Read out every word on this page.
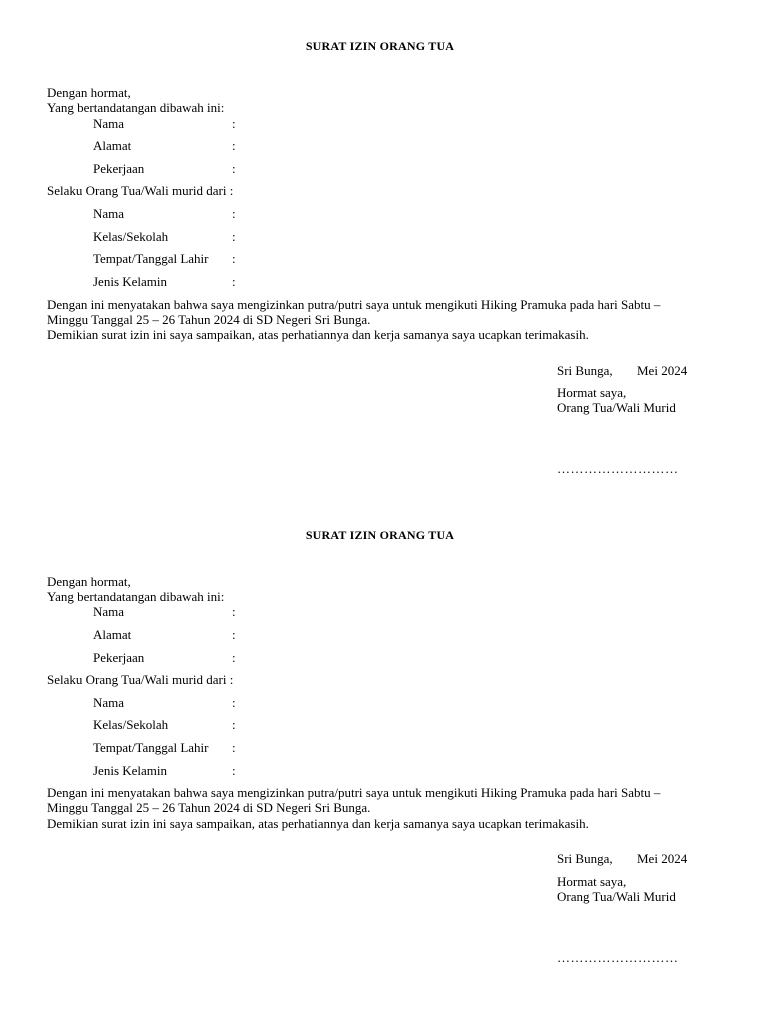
SURAT IZIN ORANG TUA
Dengan hormat,
Yang bertandatangan dibawah ini:
Nama	:
Alamat	:
Pekerjaan	:
Selaku Orang Tua/Wali murid dari :
Nama	:
Kelas/Sekolah	:
Tempat/Tanggal Lahir :
Jenis Kelamin	:
Dengan ini menyatakan bahwa saya mengizinkan putra/putri saya untuk mengikuti Hiking Pramuka pada hari Sabtu –
Minggu Tanggal 25 – 26 Tahun 2024 di SD Negeri Sri Bunga.
Demikian surat izin ini saya sampaikan, atas perhatiannya dan kerja samanya saya ucapkan terimakasih.
Sri Bunga, Mei 2024
Hormat saya,
Orang Tua/Wali Murid
………………………
SURAT IZIN ORANG TUA
Dengan hormat,
Yang bertandatangan dibawah ini:
Nama	:
Alamat	:
Pekerjaan	:
Selaku Orang Tua/Wali murid dari :
Nama	:
Kelas/Sekolah	:
Tempat/Tanggal Lahir :
Jenis Kelamin	:
Dengan ini menyatakan bahwa saya mengizinkan putra/putri saya untuk mengikuti Hiking Pramuka pada hari Sabtu –
Minggu Tanggal 25 – 26 Tahun 2024 di SD Negeri Sri Bunga.
Demikian surat izin ini saya sampaikan, atas perhatiannya dan kerja samanya saya ucapkan terimakasih.
Sri Bunga, Mei 2024
Hormat saya,
Orang Tua/Wali Murid
………………………
